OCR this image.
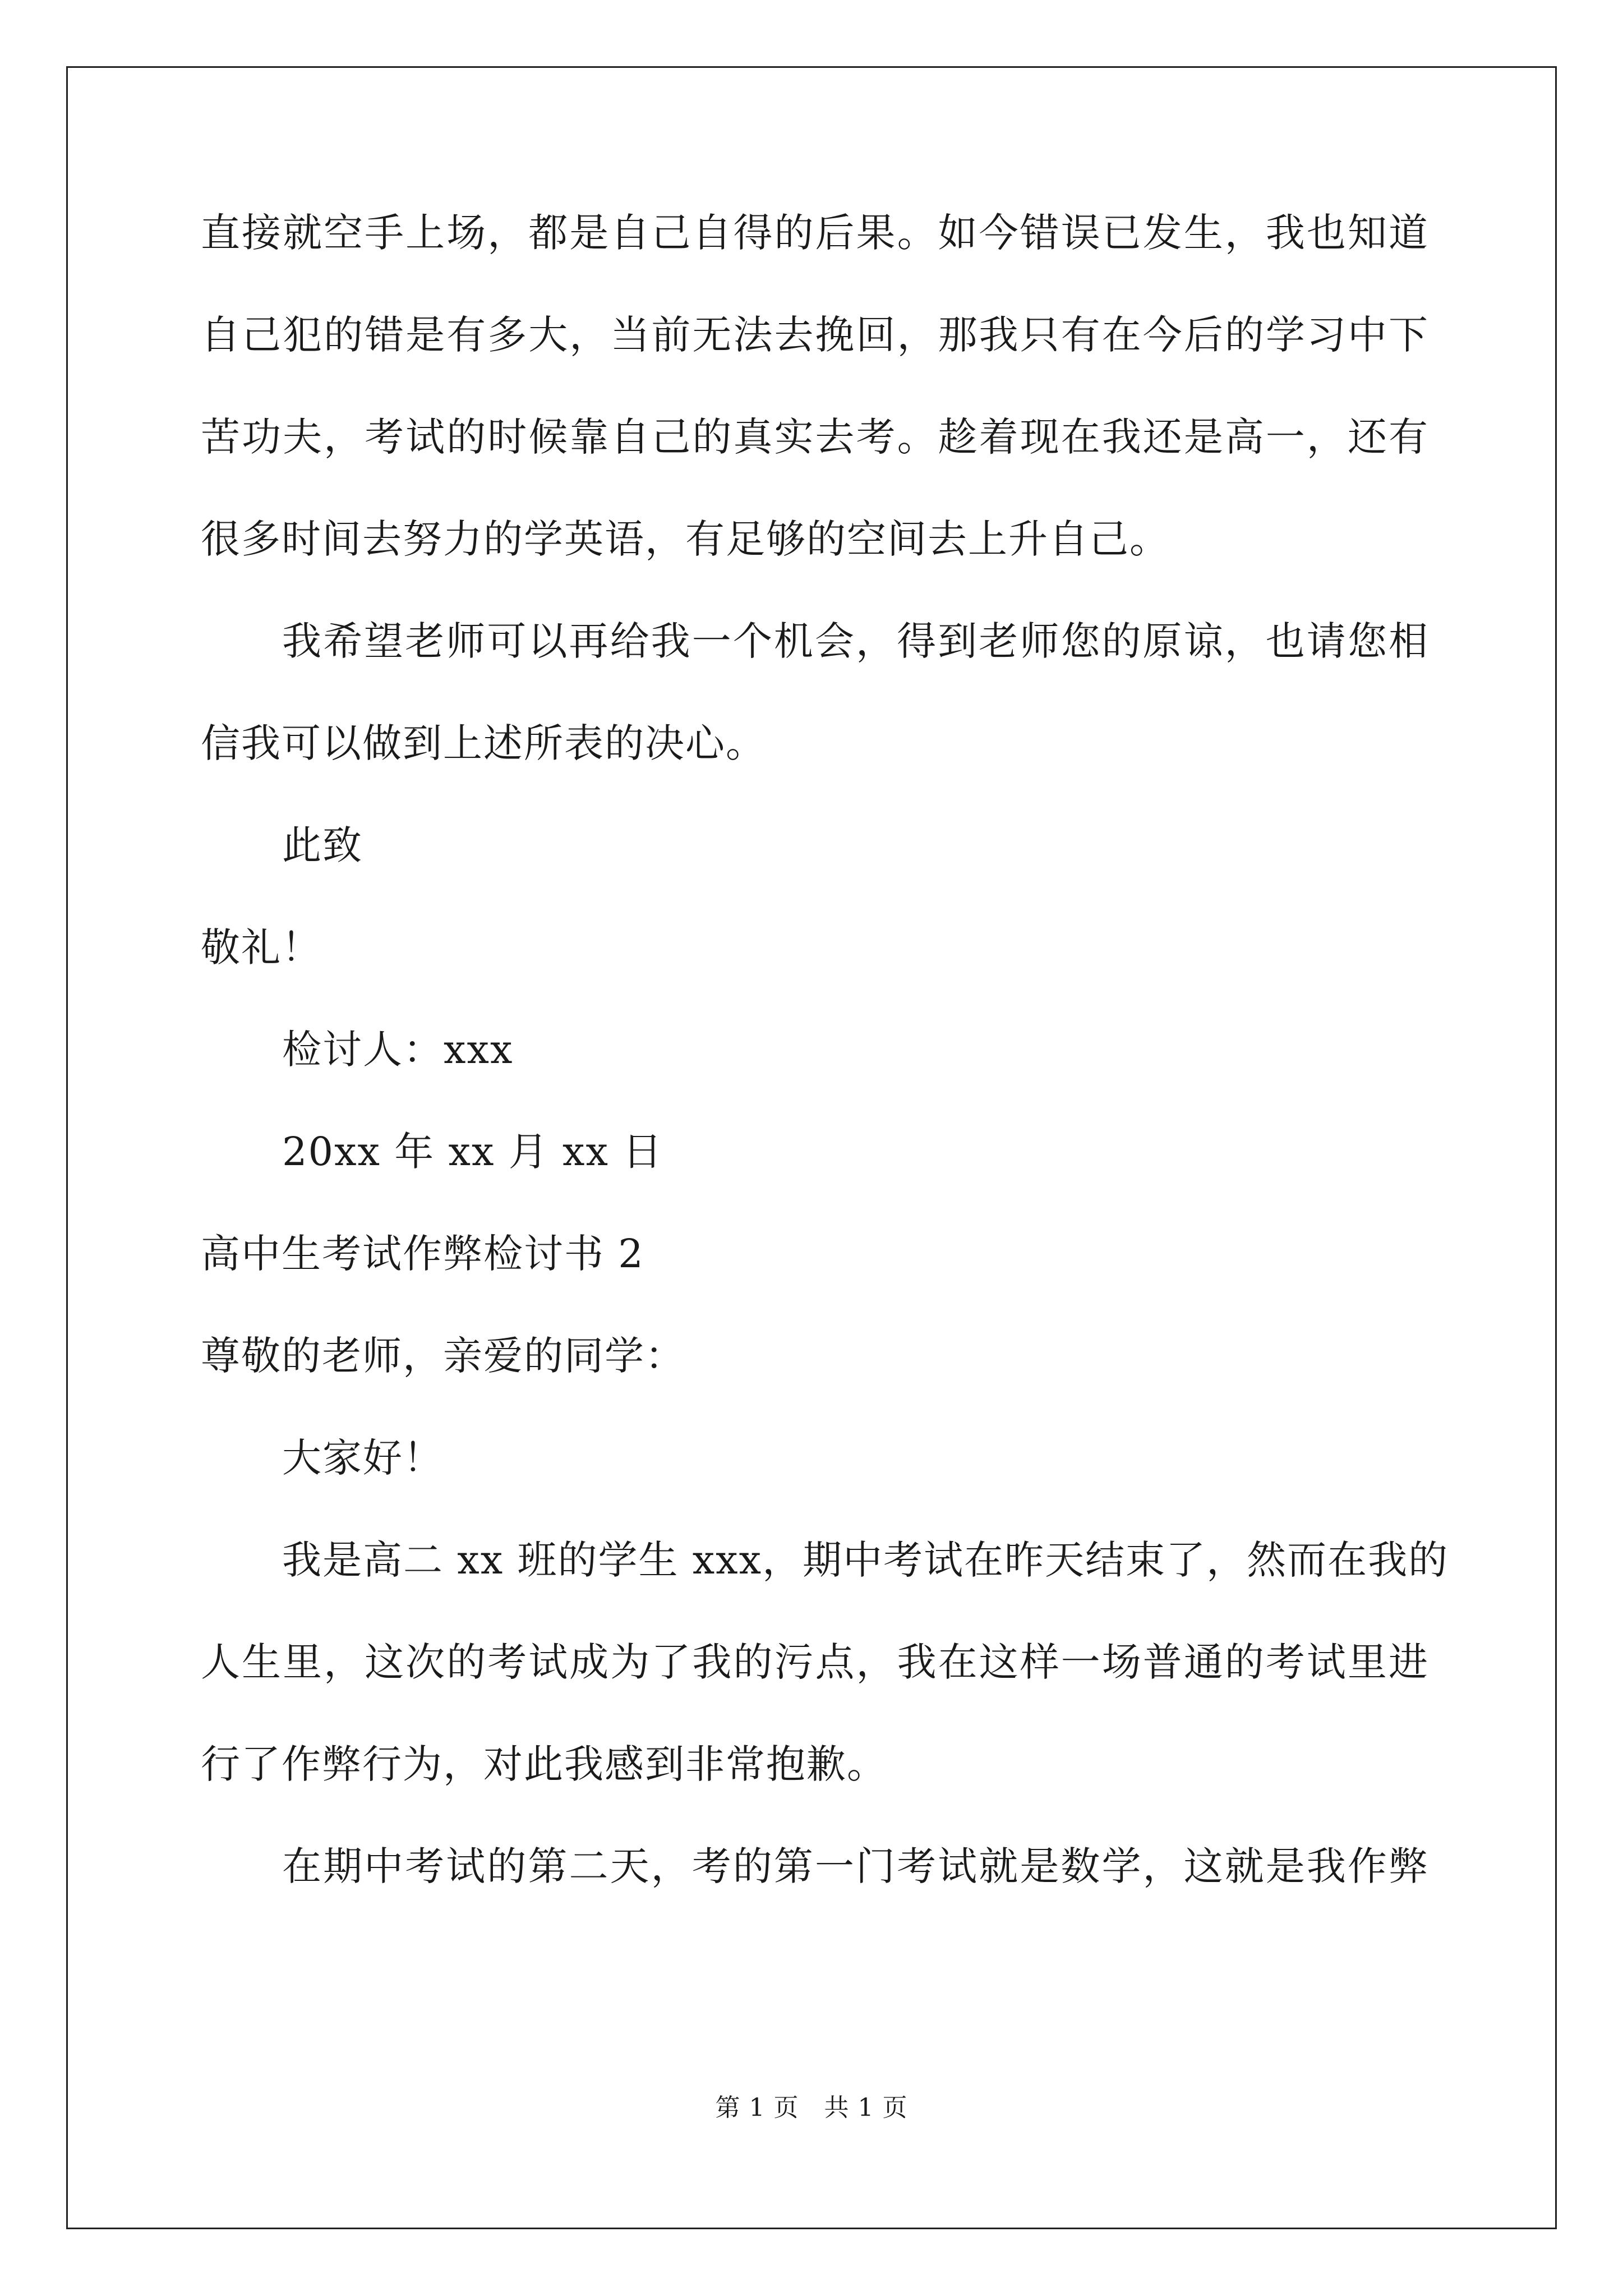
直接就空手上场，都是自己自得的后果。如今错误已发生，我也知道
自己犯的错是有多大，当前无法去挽回，那我只有在今后的学习中下
苦功夫，考试的时候靠自己的真实去考。趁着现在我还是高一，还有
很多时间去努力的学英语，有足够的空间去上升自己。
我希望老师可以再给我一个机会，得到老师您的原谅，也请您相
信我可以做到上述所表的决心。
此致
敬礼！
检讨人：xxx
20xx 年 xx 月 xx 日
高中生考试作弊检讨书 2
尊敬的老师，亲爱的同学：
大家好！
我是高二 xx 班的学生 xxx，期中考试在昨天结束了，然而在我的
人生里，这次的考试成为了我的污点，我在这样一场普通的考试里进
行了作弊行为，对此我感到非常抱歉。
在期中考试的第二天，考的第一门考试就是数学，这就是我作弊
第 1 页　共 1 页
